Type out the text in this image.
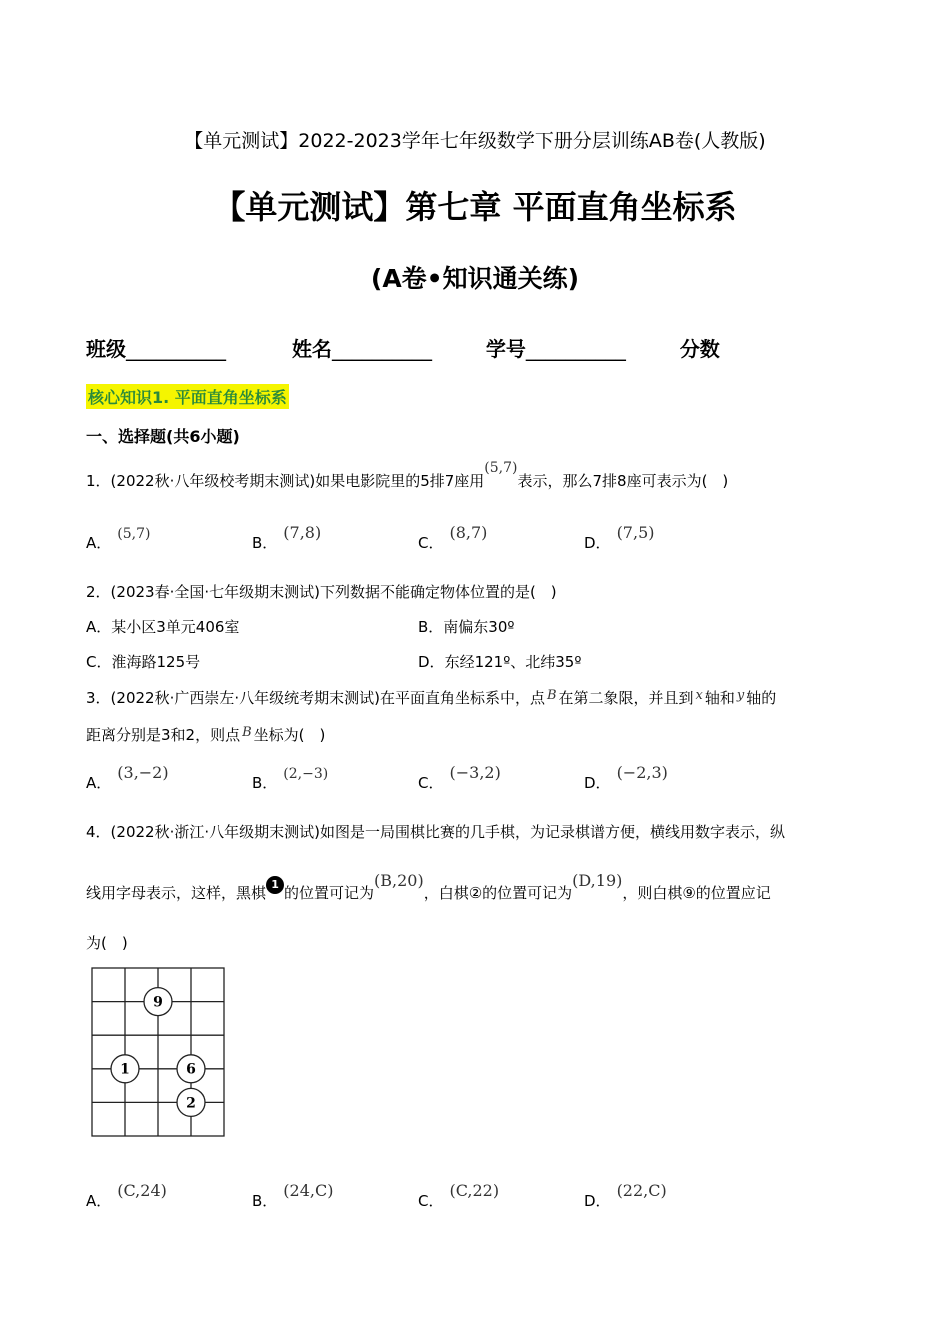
【单元测试】2022-2023学年七年级数学下册分层训练AB卷(人教版)
【单元测试】第七章 平面直角坐标系
(A卷•知识通关练)
班级__________	姓名__________	学号__________	分数
核心知识1. 平面直角坐标系
一、选择题(共6小题)
1．(2022秋·八年级校考期末测试)如果电影院里的5排7座用(5,7)表示，那么7排8座可表示为(　)
A． (5,7)	B．(7,8)
C．(8,7)
D．(7,5)
2．(2023春·全国·七年级期末测试)下列数据不能确定物体位置的是(　)
A．某小区3单元406室	B．南偏东30º
C．淮海路125号	D．东经121º、北纬35º
3．(2022秋·广西崇左·八年级统考期末测试)在平面直角坐标系中，点 B 在第二象限，并且到 x 轴和 y 轴的
距离分别是3和2，则点 B 坐标为(　)
A．(3,−2)
B． (2,−3)	C．(−3,2)
D．(−2,3)
4．(2022秋·浙江·八年级期末测试)如图是一局围棋比赛的几手棋，为记录棋谱方便，横线用数字表示，纵
线用字母表示，这样，黑棋 1 的位置可记为(B,20)，白棋②的位置可记为(D,19)，则白棋⑨的位置应记
为(　)
9
1	6
2
A．(C,24)
B．(24,C)
C．(C,22)
D．(22,C)
